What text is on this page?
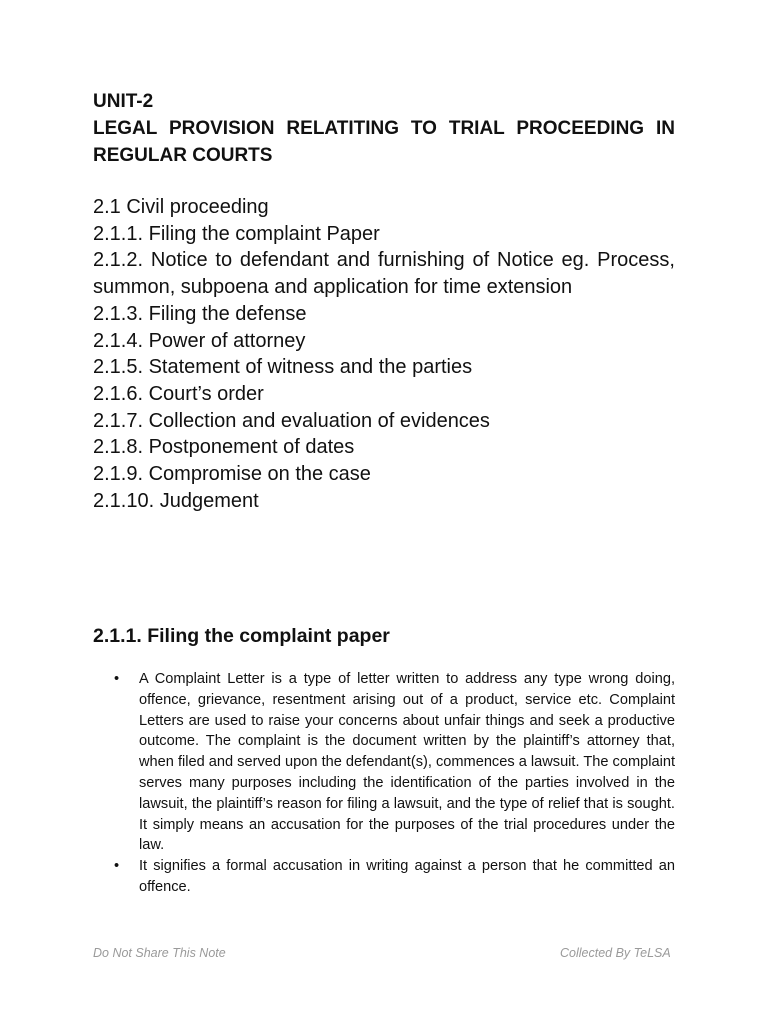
UNIT-2
LEGAL PROVISION RELATITING TO TRIAL PROCEEDING IN REGULAR COURTS
2.1 Civil proceeding
2.1.1. Filing the complaint Paper
2.1.2. Notice to defendant and furnishing of Notice eg. Process, summon, subpoena and application for time extension
2.1.3. Filing the defense
2.1.4. Power of attorney
2.1.5. Statement of witness and the parties
2.1.6. Court’s order
2.1.7. Collection and evaluation of evidences
2.1.8. Postponement of dates
2.1.9. Compromise on the case
2.1.10. Judgement
2.1.1. Filing the complaint paper
• A Complaint Letter is a type of letter written to address any type wrong doing, offence, grievance, resentment arising out of a product, service etc. Complaint Letters are used to raise your concerns about unfair things and seek a productive outcome. The complaint is the document written by the plaintiff’s attorney that, when filed and served upon the defendant(s), commences a lawsuit. The complaint serves many purposes including the identification of the parties involved in the lawsuit, the plaintiff’s reason for filing a lawsuit, and the type of relief that is sought. It simply means an accusation for the purposes of the trial procedures under the law.
• It signifies a formal accusation in writing against a person that he committed an offence.
Do Not Share This Note	Collected By TeLSA
